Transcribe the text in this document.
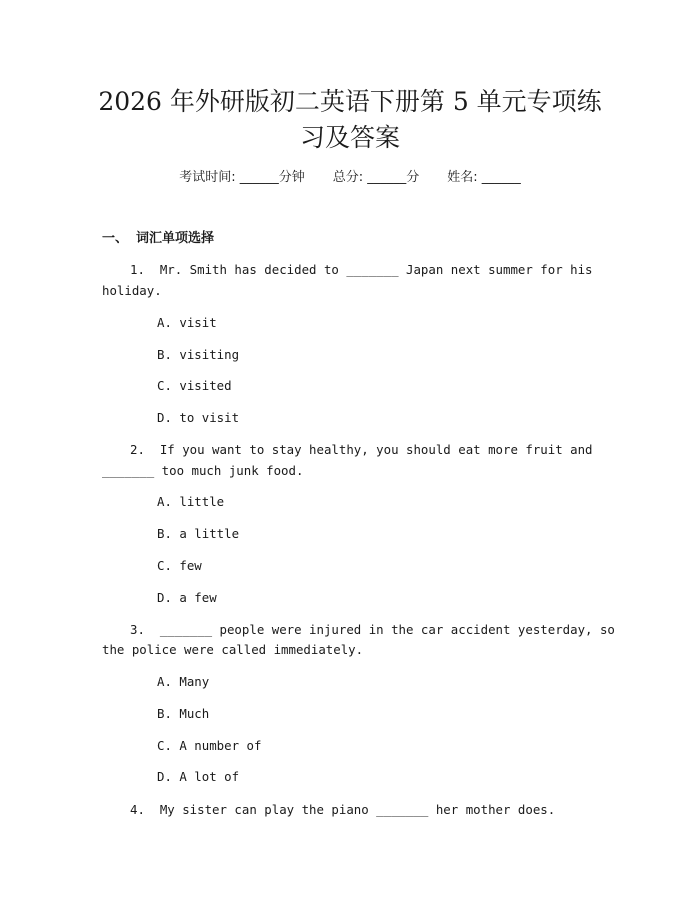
2026 年外研版初二英语下册第 5 单元专项练
习及答案
考试时间: ______分钟 总分: ______分 姓名: ______
一、 词汇单项选择
1.  Mr. Smith has decided to _______ Japan next summer for his
holiday.
A. visit
B. visiting
C. visited
D. to visit
2.  If you want to stay healthy, you should eat more fruit and
_______ too much junk food.
A. little
B. a little
C. few
D. a few
3.  _______ people were injured in the car accident yesterday, so
the police were called immediately.
A. Many
B. Much
C. A number of
D. A lot of
4.  My sister can play the piano _______ her mother does.
